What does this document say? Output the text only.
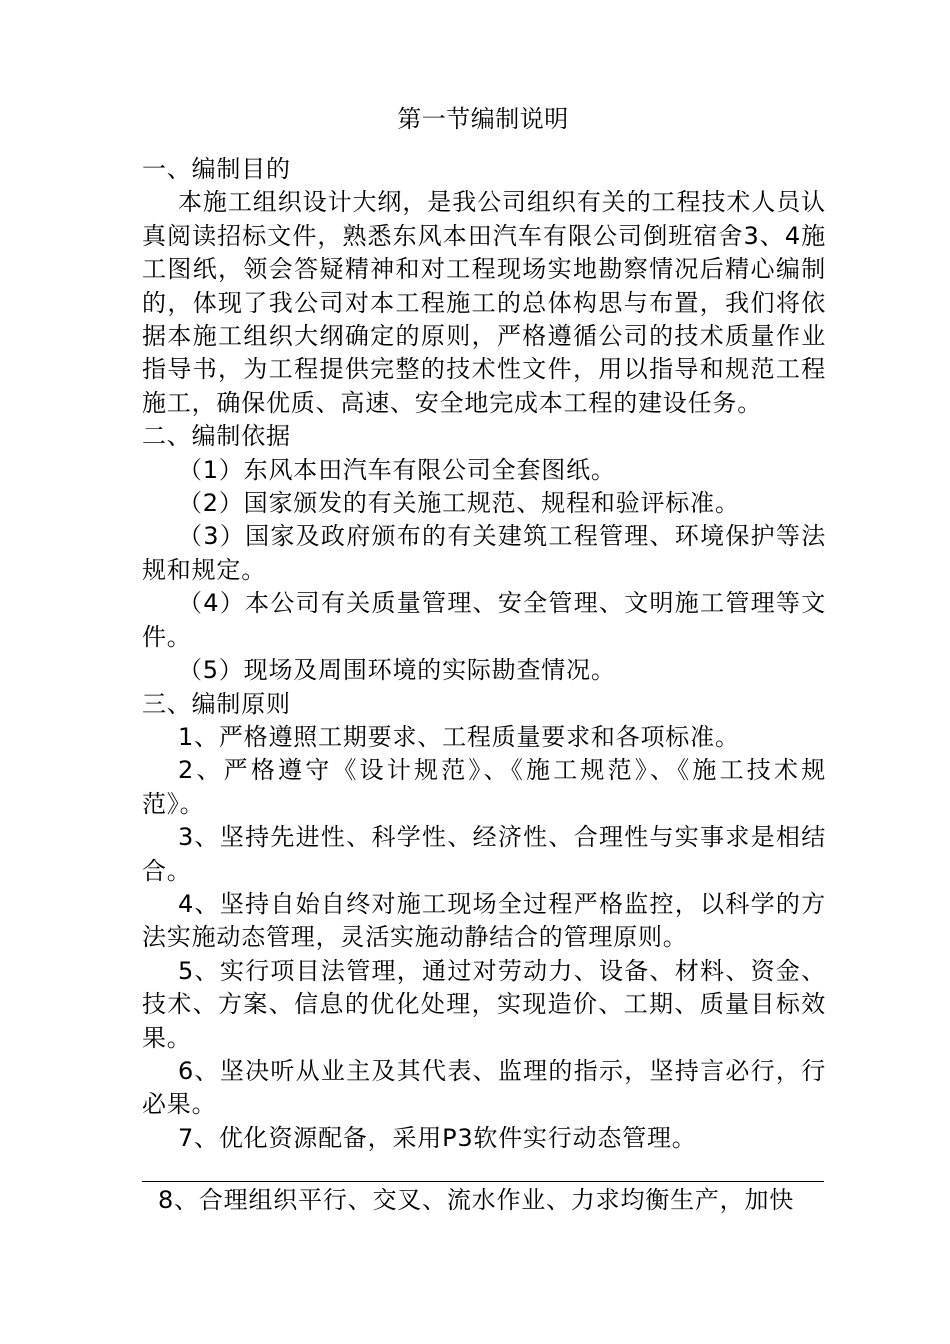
第一节编制说明

一、编制目的

本施工组织设计大纲，是我公司组织有关的工程技术人员认真阅读招标文件，熟悉东风本田汽车有限公司倒班宿舍3、4施工图纸，领会答疑精神和对工程现场实地勘察情况后精心编制的，体现了我公司对本工程施工的总体构思与布置，我们将依据本施工组织大纲确定的原则，严格遵循公司的技术质量作业指导书，为工程提供完整的技术性文件，用以指导和规范工程施工，确保优质、高速、安全地完成本工程的建设任务。

二、编制依据

（1）东风本田汽车有限公司全套图纸。

（2）国家颁发的有关施工规范、规程和验评标准。

（3）国家及政府颁布的有关建筑工程管理、环境保护等法规和规定。

（4）本公司有关质量管理、安全管理、文明施工管理等文件。

（5）现场及周围环境的实际勘查情况。

三、编制原则

1、严格遵照工期要求、工程质量要求和各项标准。

2、严格遵守《设计规范》、《施工规范》、《施工技术规范》。

3、坚持先进性、科学性、经济性、合理性与实事求是相结合。

4、坚持自始自终对施工现场全过程严格监控，以科学的方法实施动态管理，灵活实施动静结合的管理原则。

5、实行项目法管理，通过对劳动力、设备、材料、资金、技术、方案、信息的优化处理，实现造价、工期、质量目标效果。

6、坚决听从业主及其代表、监理的指示，坚持言必行，行必果。

7、优化资源配备，采用P3软件实行动态管理。

8、合理组织平行、交叉、流水作业、力求均衡生产，加快
